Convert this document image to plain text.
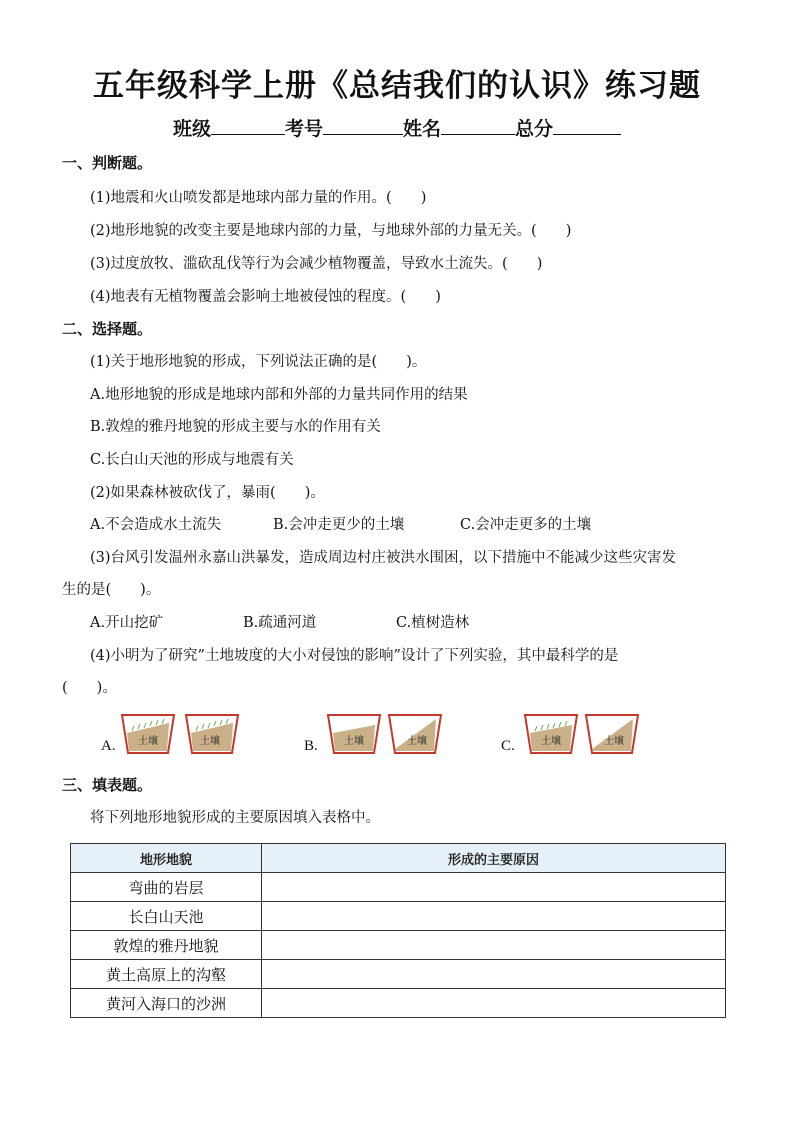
五年级科学上册《总结我们的认识》练习题
班级	考号	姓名	总分
一、判断题。
(1)地震和火山喷发都是地球内部力量的作用。(　　)
(2)地形地貌的改变主要是地球内部的力量，与地球外部的力量无关。(　　)
(3)过度放牧、滥砍乱伐等行为会减少植物覆盖，导致水土流失。(　　)
(4)地表有无植物覆盖会影响土地被侵蚀的程度。(　　)
二、选择题。
(1)关于地形地貌的形成，下列说法正确的是(　　)。
A.地形地貌的形成是地球内部和外部的力量共同作用的结果
B.敦煌的雅丹地貌的形成主要与水的作用有关
C.长白山天池的形成与地震有关
(2)如果森林被砍伐了，暴雨(　　)。
A.不会造成水土流失	B.会冲走更少的土壤	C.会冲走更多的土壤
(3)台风引发温州永嘉山洪暴发，造成周边村庄被洪水围困，以下措施中不能减少这些灾害发
生的是(　　)。
A.开山挖矿	B.疏通河道	C.植树造林
(4)小明为了研究”土地坡度的大小对侵蚀的影响”设计了下列实验，其中最科学的是
(　　)。
A.	B.	C.
土壤	土壤	土壤	土壤	土壤	土壤
三、填表题。
将下列地形地貌形成的主要原因填入表格中。
地形地貌	形成的主要原因
弯曲的岩层	
长白山天池	
敦煌的雅丹地貌	
黄土高原上的沟壑	
黄河入海口的沙洲	
